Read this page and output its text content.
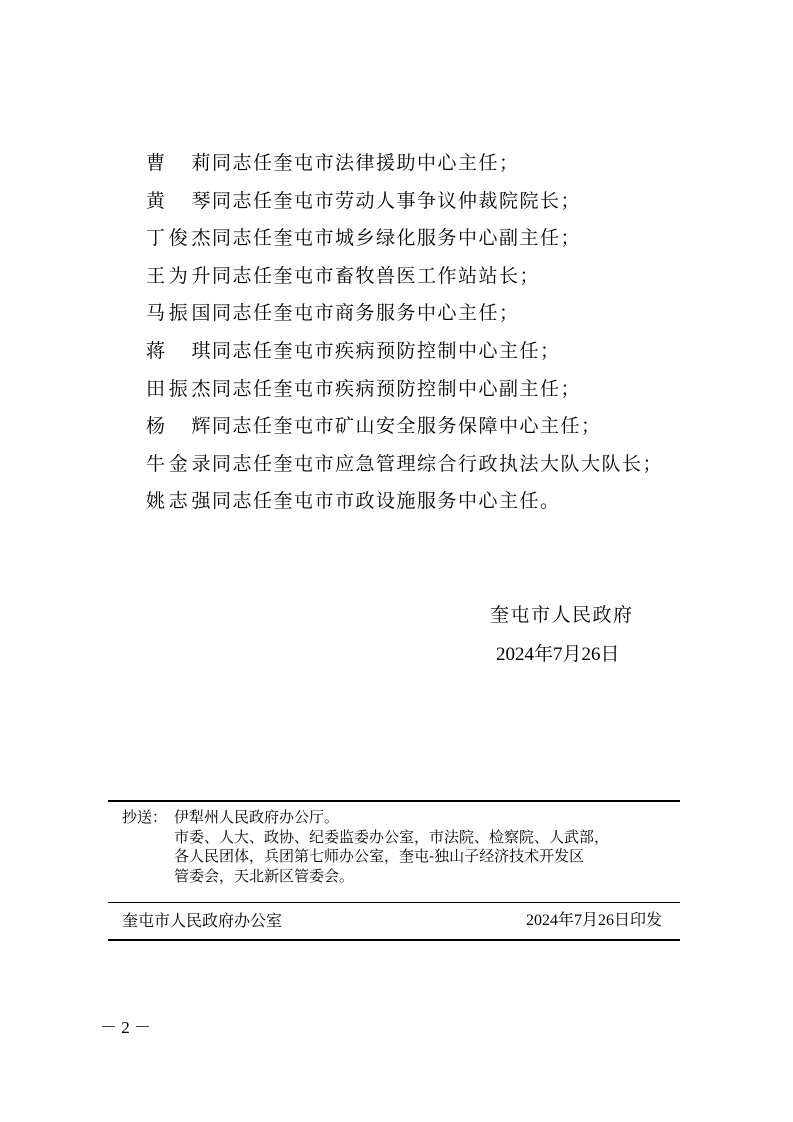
曹　莉同志任奎屯市法律援助中心主任；
黄　琴同志任奎屯市劳动人事争议仲裁院院长；
丁俊杰同志任奎屯市城乡绿化服务中心副主任；
王为升同志任奎屯市畜牧兽医工作站站长；
马振国同志任奎屯市商务服务中心主任；
蒋　琪同志任奎屯市疾病预防控制中心主任；
田振杰同志任奎屯市疾病预防控制中心副主任；
杨　辉同志任奎屯市矿山安全服务保障中心主任；
牛金录同志任奎屯市应急管理综合行政执法大队大队长；
姚志强同志任奎屯市市政设施服务中心主任。
奎屯市人民政府
2024年7月26日
抄送： 伊犁州人民政府办公厅。
市委、人大、政协、纪委监委办公室，市法院、检察院、人武部，
各人民团体，兵团第七师办公室，奎屯-独山子经济技术开发区
管委会，天北新区管委会。
奎屯市人民政府办公室	2024年7月26日印发
－ 2 －
